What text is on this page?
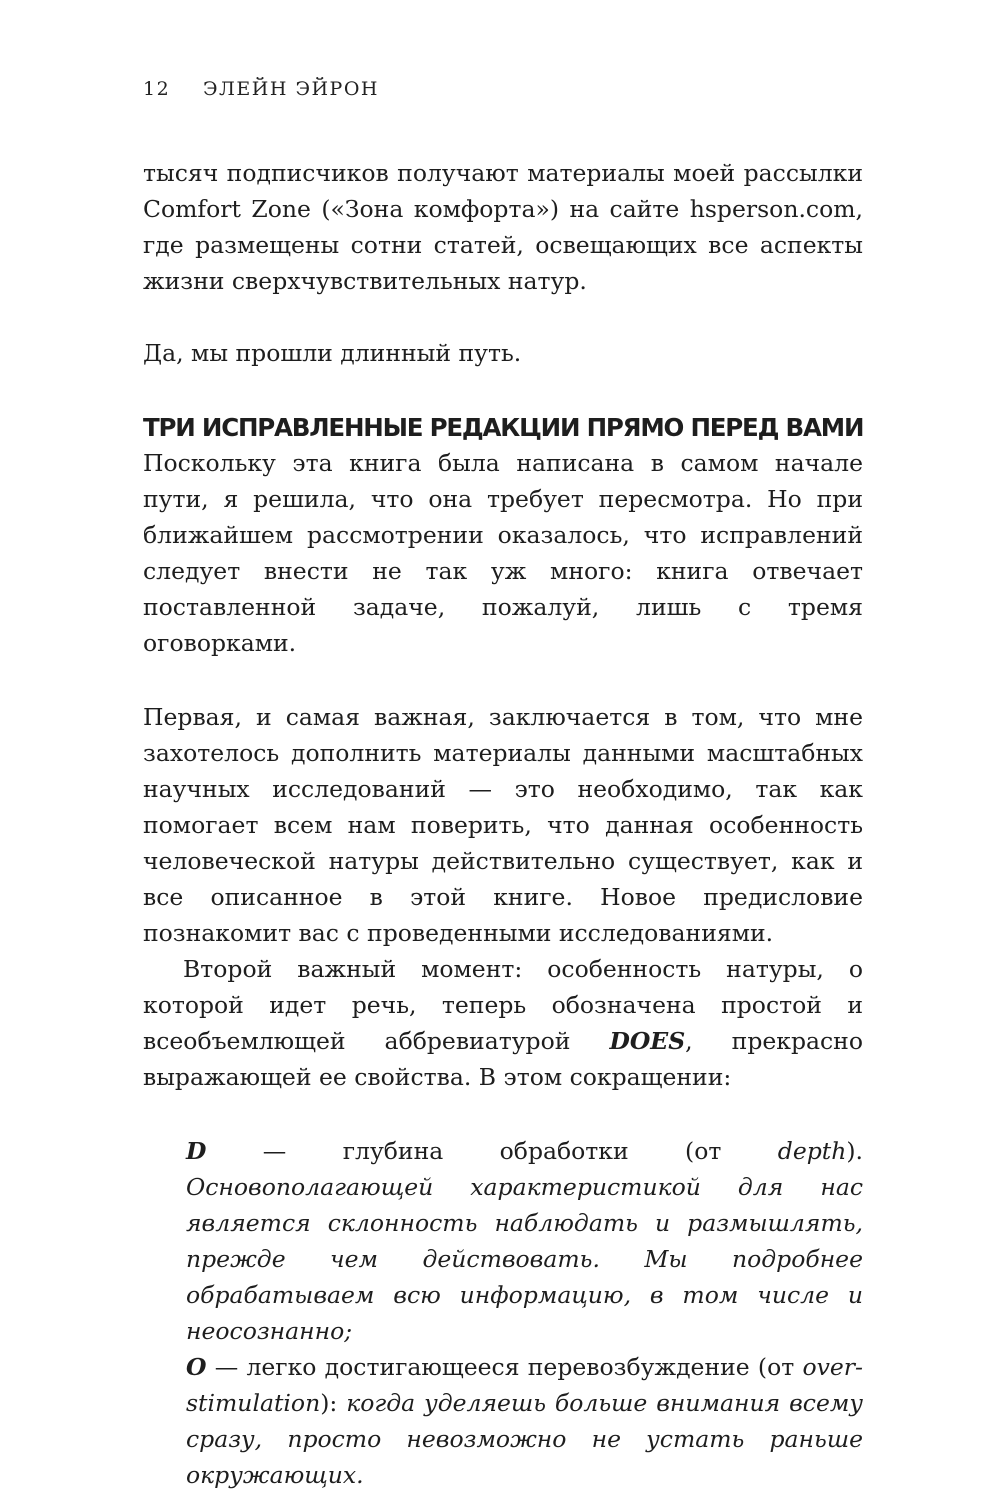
12	ЭЛЕЙН ЭЙРОН

тысяч подписчиков получают материалы моей рассылки Comfort Zone («Зона комфорта») на сайте hsperson.com, где размещены сотни статей, освещающих все аспекты жизни сверхчувствительных натур.

Да, мы прошли длинный путь.

ТРИ ИСПРАВЛЕННЫЕ РЕДАКЦИИ ПРЯМО ПЕРЕД ВАМИ

Поскольку эта книга была написана в самом начале пути, я решила, что она требует пересмотра. Но при ближайшем рассмотрении оказалось, что исправлений следует внести не так уж много: книга отвечает поставленной задаче, пожалуй, лишь с тремя оговорками.

Первая, и самая важная, заключается в том, что мне захотелось дополнить материалы данными масштабных научных исследований — это необходимо, так как помогает всем нам поверить, что данная особенность человеческой натуры действительно существует, как и все описанное в этой книге. Новое предисловие познакомит вас с проведенными исследованиями.

Второй важный момент: особенность натуры, о которой идет речь, теперь обозначена простой и всеобъемлющей аббревиатурой DOES, прекрасно выражающей ее свойства. В этом сокращении:

D — глубина обработки (от depth). Основополагающей характеристикой для нас является склонность наблюдать и размышлять, прежде чем действовать. Мы подробнее обрабатываем всю информацию, в том числе и неосознанно;

O — легко достигающееся перевозбуждение (от overstimulation): когда уделяешь больше внимания всему сразу, просто невозможно не устать раньше окружающих.
